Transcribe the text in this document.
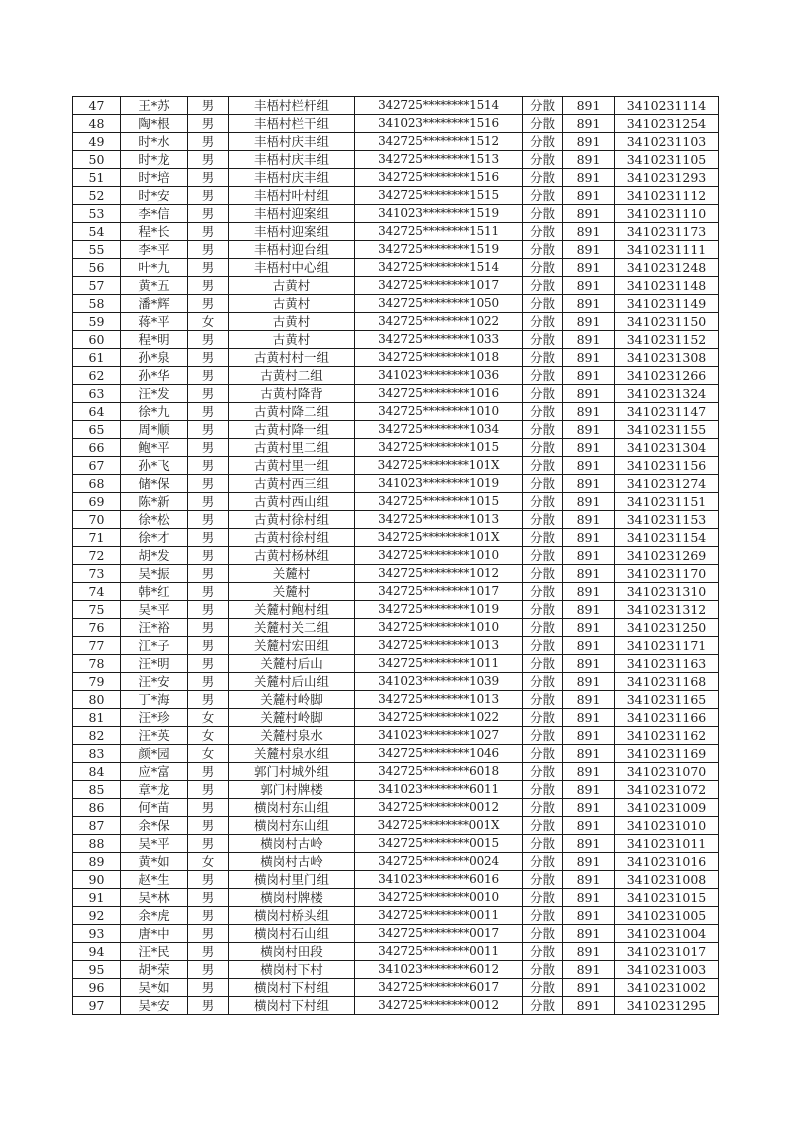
47	王*苏	男	丰梧村栏杆组	342725********1514	分散	891	3410231114
48	陶*根	男	丰梧村栏干组	341023********1516	分散	891	3410231254
49	时*水	男	丰梧村庆丰组	342725********1512	分散	891	3410231103
50	时*龙	男	丰梧村庆丰组	342725********1513	分散	891	3410231105
51	时*培	男	丰梧村庆丰组	342725********1516	分散	891	3410231293
52	时*安	男	丰梧村叶村组	342725********1515	分散	891	3410231112
53	李*信	男	丰梧村迎案组	341023********1519	分散	891	3410231110
54	程*长	男	丰梧村迎案组	342725********1511	分散	891	3410231173
55	李*平	男	丰梧村迎台组	342725********1519	分散	891	3410231111
56	叶*九	男	丰梧村中心组	342725********1514	分散	891	3410231248
57	黄*五	男	古黄村	342725********1017	分散	891	3410231148
58	潘*辉	男	古黄村	342725********1050	分散	891	3410231149
59	蒋*平	女	古黄村	342725********1022	分散	891	3410231150
60	程*明	男	古黄村	342725********1033	分散	891	3410231152
61	孙*泉	男	古黄村村一组	342725********1018	分散	891	3410231308
62	孙*华	男	古黄村二组	341023********1036	分散	891	3410231266
63	汪*发	男	古黄村降背	342725********1016	分散	891	3410231324
64	徐*九	男	古黄村降二组	342725********1010	分散	891	3410231147
65	周*顺	男	古黄村降一组	342725********1034	分散	891	3410231155
66	鲍*平	男	古黄村里二组	342725********1015	分散	891	3410231304
67	孙*飞	男	古黄村里一组	342725********101X	分散	891	3410231156
68	储*保	男	古黄村西三组	341023********1019	分散	891	3410231274
69	陈*新	男	古黄村西山组	342725********1015	分散	891	3410231151
70	徐*松	男	古黄村徐村组	342725********1013	分散	891	3410231153
71	徐*才	男	古黄村徐村组	342725********101X	分散	891	3410231154
72	胡*发	男	古黄村杨林组	342725********1010	分散	891	3410231269
73	吴*振	男	关麓村	342725********1012	分散	891	3410231170
74	韩*红	男	关麓村	342725********1017	分散	891	3410231310
75	吴*平	男	关麓村鲍村组	342725********1019	分散	891	3410231312
76	汪*裕	男	关麓村关二组	342725********1010	分散	891	3410231250
77	江*子	男	关麓村宏田组	342725********1013	分散	891	3410231171
78	汪*明	男	关麓村后山	342725********1011	分散	891	3410231163
79	汪*安	男	关麓村后山组	341023********1039	分散	891	3410231168
80	丁*海	男	关麓村岭脚	342725********1013	分散	891	3410231165
81	汪*珍	女	关麓村岭脚	342725********1022	分散	891	3410231166
82	汪*英	女	关麓村泉水	341023********1027	分散	891	3410231162
83	颜*园	女	关麓村泉水组	342725********1046	分散	891	3410231169
84	应*富	男	郭门村城外组	342725********6018	分散	891	3410231070
85	章*龙	男	郭门村牌楼	341023********6011	分散	891	3410231072
86	何*苗	男	横岗村东山组	342725********0012	分散	891	3410231009
87	余*保	男	横岗村东山组	342725********001X	分散	891	3410231010
88	吴*平	男	横岗村古岭	342725********0015	分散	891	3410231011
89	黄*如	女	横岗村古岭	342725********0024	分散	891	3410231016
90	赵*生	男	横岗村里门组	341023********6016	分散	891	3410231008
91	吴*林	男	横岗村牌楼	342725********0010	分散	891	3410231015
92	余*虎	男	横岗村桥头组	342725********0011	分散	891	3410231005
93	唐*中	男	横岗村石山组	342725********0017	分散	891	3410231004
94	汪*民	男	横岗村田段	342725********0011	分散	891	3410231017
95	胡*荣	男	横岗村下村	341023********6012	分散	891	3410231003
96	吴*如	男	横岗村下村组	342725********6017	分散	891	3410231002
97	吴*安	男	横岗村下村组	342725********0012	分散	891	3410231295
